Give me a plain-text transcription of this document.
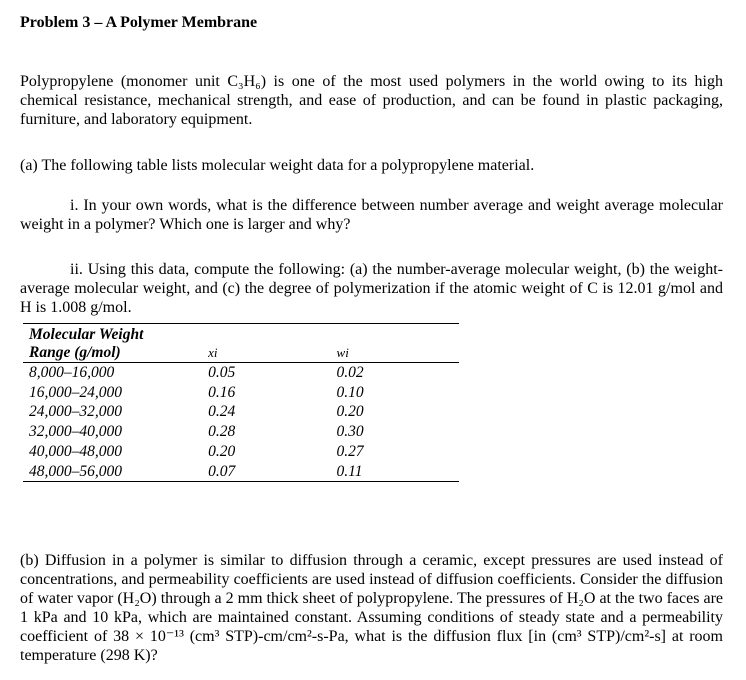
Problem 3 – A Polymer Membrane

Polypropylene (monomer unit C₃H₆) is one of the most used polymers in the world owing to its high chemical resistance, mechanical strength, and ease of production, and can be found in plastic packaging, furniture, and laboratory equipment.

(a) The following table lists molecular weight data for a polypropylene material.

i. In your own words, what is the difference between number average and weight average molecular weight in a polymer? Which one is larger and why?

ii. Using this data, compute the following: (a) the number-average molecular weight, (b) the weight-average molecular weight, and (c) the degree of polymerization if the atomic weight of C is 12.01 g/mol and H is 1.008 g/mol.

Molecular Weight
Range (g/mol)	xi	wi
8,000–16,000	0.05	0.02
16,000–24,000	0.16	0.10
24,000–32,000	0.24	0.20
32,000–40,000	0.28	0.30
40,000–48,000	0.20	0.27
48,000–56,000	0.07	0.11

(b) Diffusion in a polymer is similar to diffusion through a ceramic, except pressures are used instead of concentrations, and permeability coefficients are used instead of diffusion coefficients. Consider the diffusion of water vapor (H₂O) through a 2 mm thick sheet of polypropylene. The pressures of H₂O at the two faces are 1 kPa and 10 kPa, which are maintained constant. Assuming conditions of steady state and a permeability coefficient of 38 × 10⁻¹³ (cm³ STP)-cm/cm²-s-Pa, what is the diffusion flux [in (cm³ STP)/cm²-s] at room temperature (298 K)?
